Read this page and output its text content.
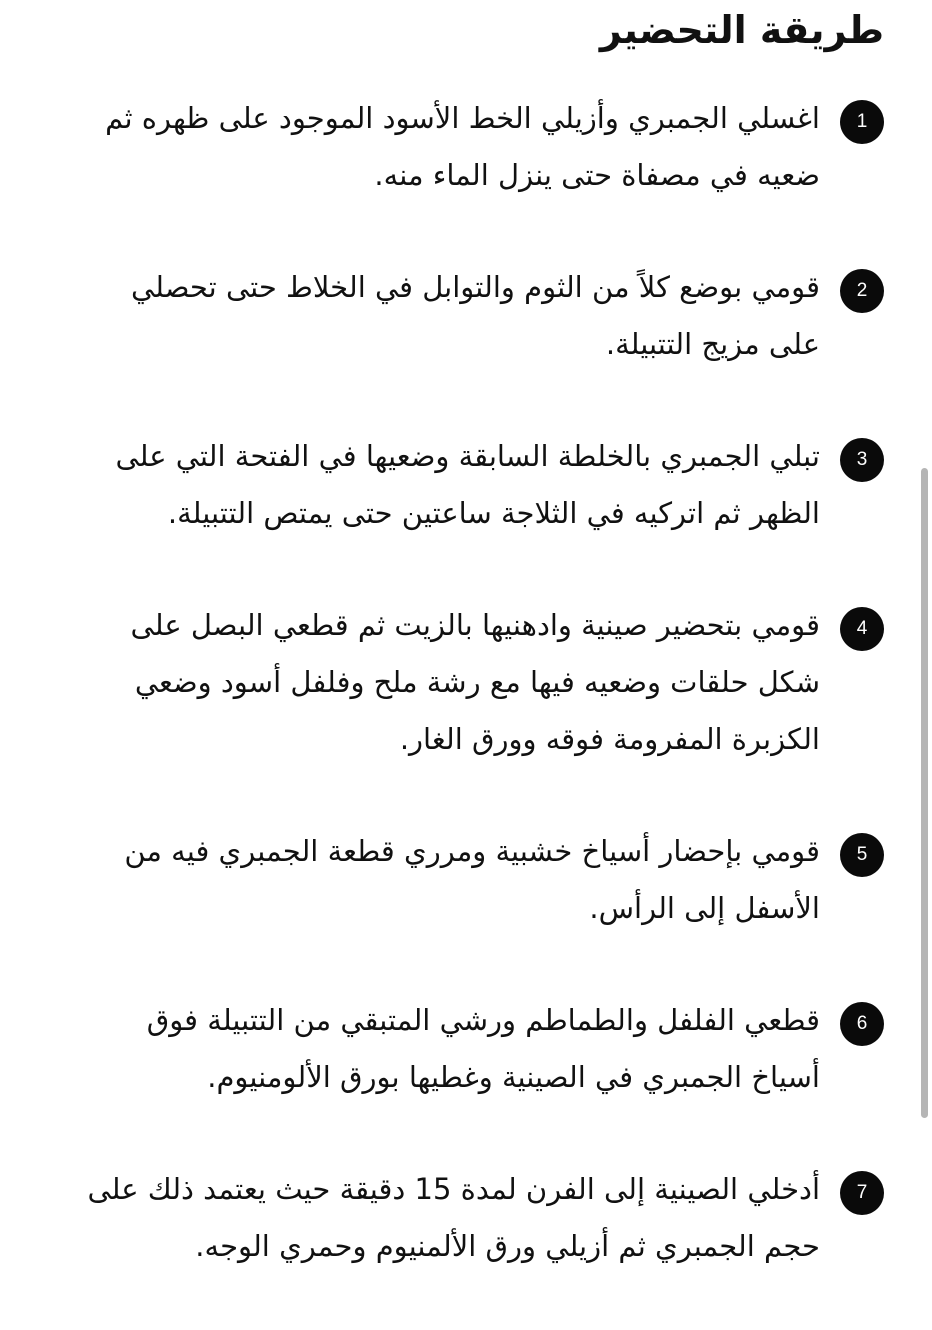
طريقة التحضير
1

اغسلي الجمبري وأزيلي الخط الأسود الموجود على ظهره ثم ضعيه في مصفاة حتى ينزل الماء منه.

2

قومي بوضع كلاً من الثوم والتوابل في الخلاط حتى تحصلي على مزيج التتبيلة.

3

تبلي الجمبري بالخلطة السابقة وضعيها في الفتحة التي على الظهر ثم اتركيه في الثلاجة ساعتين حتى يمتص التتبيلة.

4

قومي بتحضير صينية وادهنيها بالزيت ثم قطعي البصل على شكل حلقات وضعيه فيها مع رشة ملح وفلفل أسود وضعي الكزبرة المفرومة فوقه وورق الغار.

5

قومي بإحضار أسياخ خشبية ومرري قطعة الجمبري فيه من الأسفل إلى الرأس.

6

قطعي الفلفل والطماطم ورشي المتبقي من التتبيلة فوق أسياخ الجمبري في الصينية وغطيها بورق الألومنيوم.

7

أدخلي الصينية إلى الفرن لمدة 15 دقيقة حيث يعتمد ذلك على حجم الجمبري ثم أزيلي ورق الألمنيوم وحمري الوجه.
